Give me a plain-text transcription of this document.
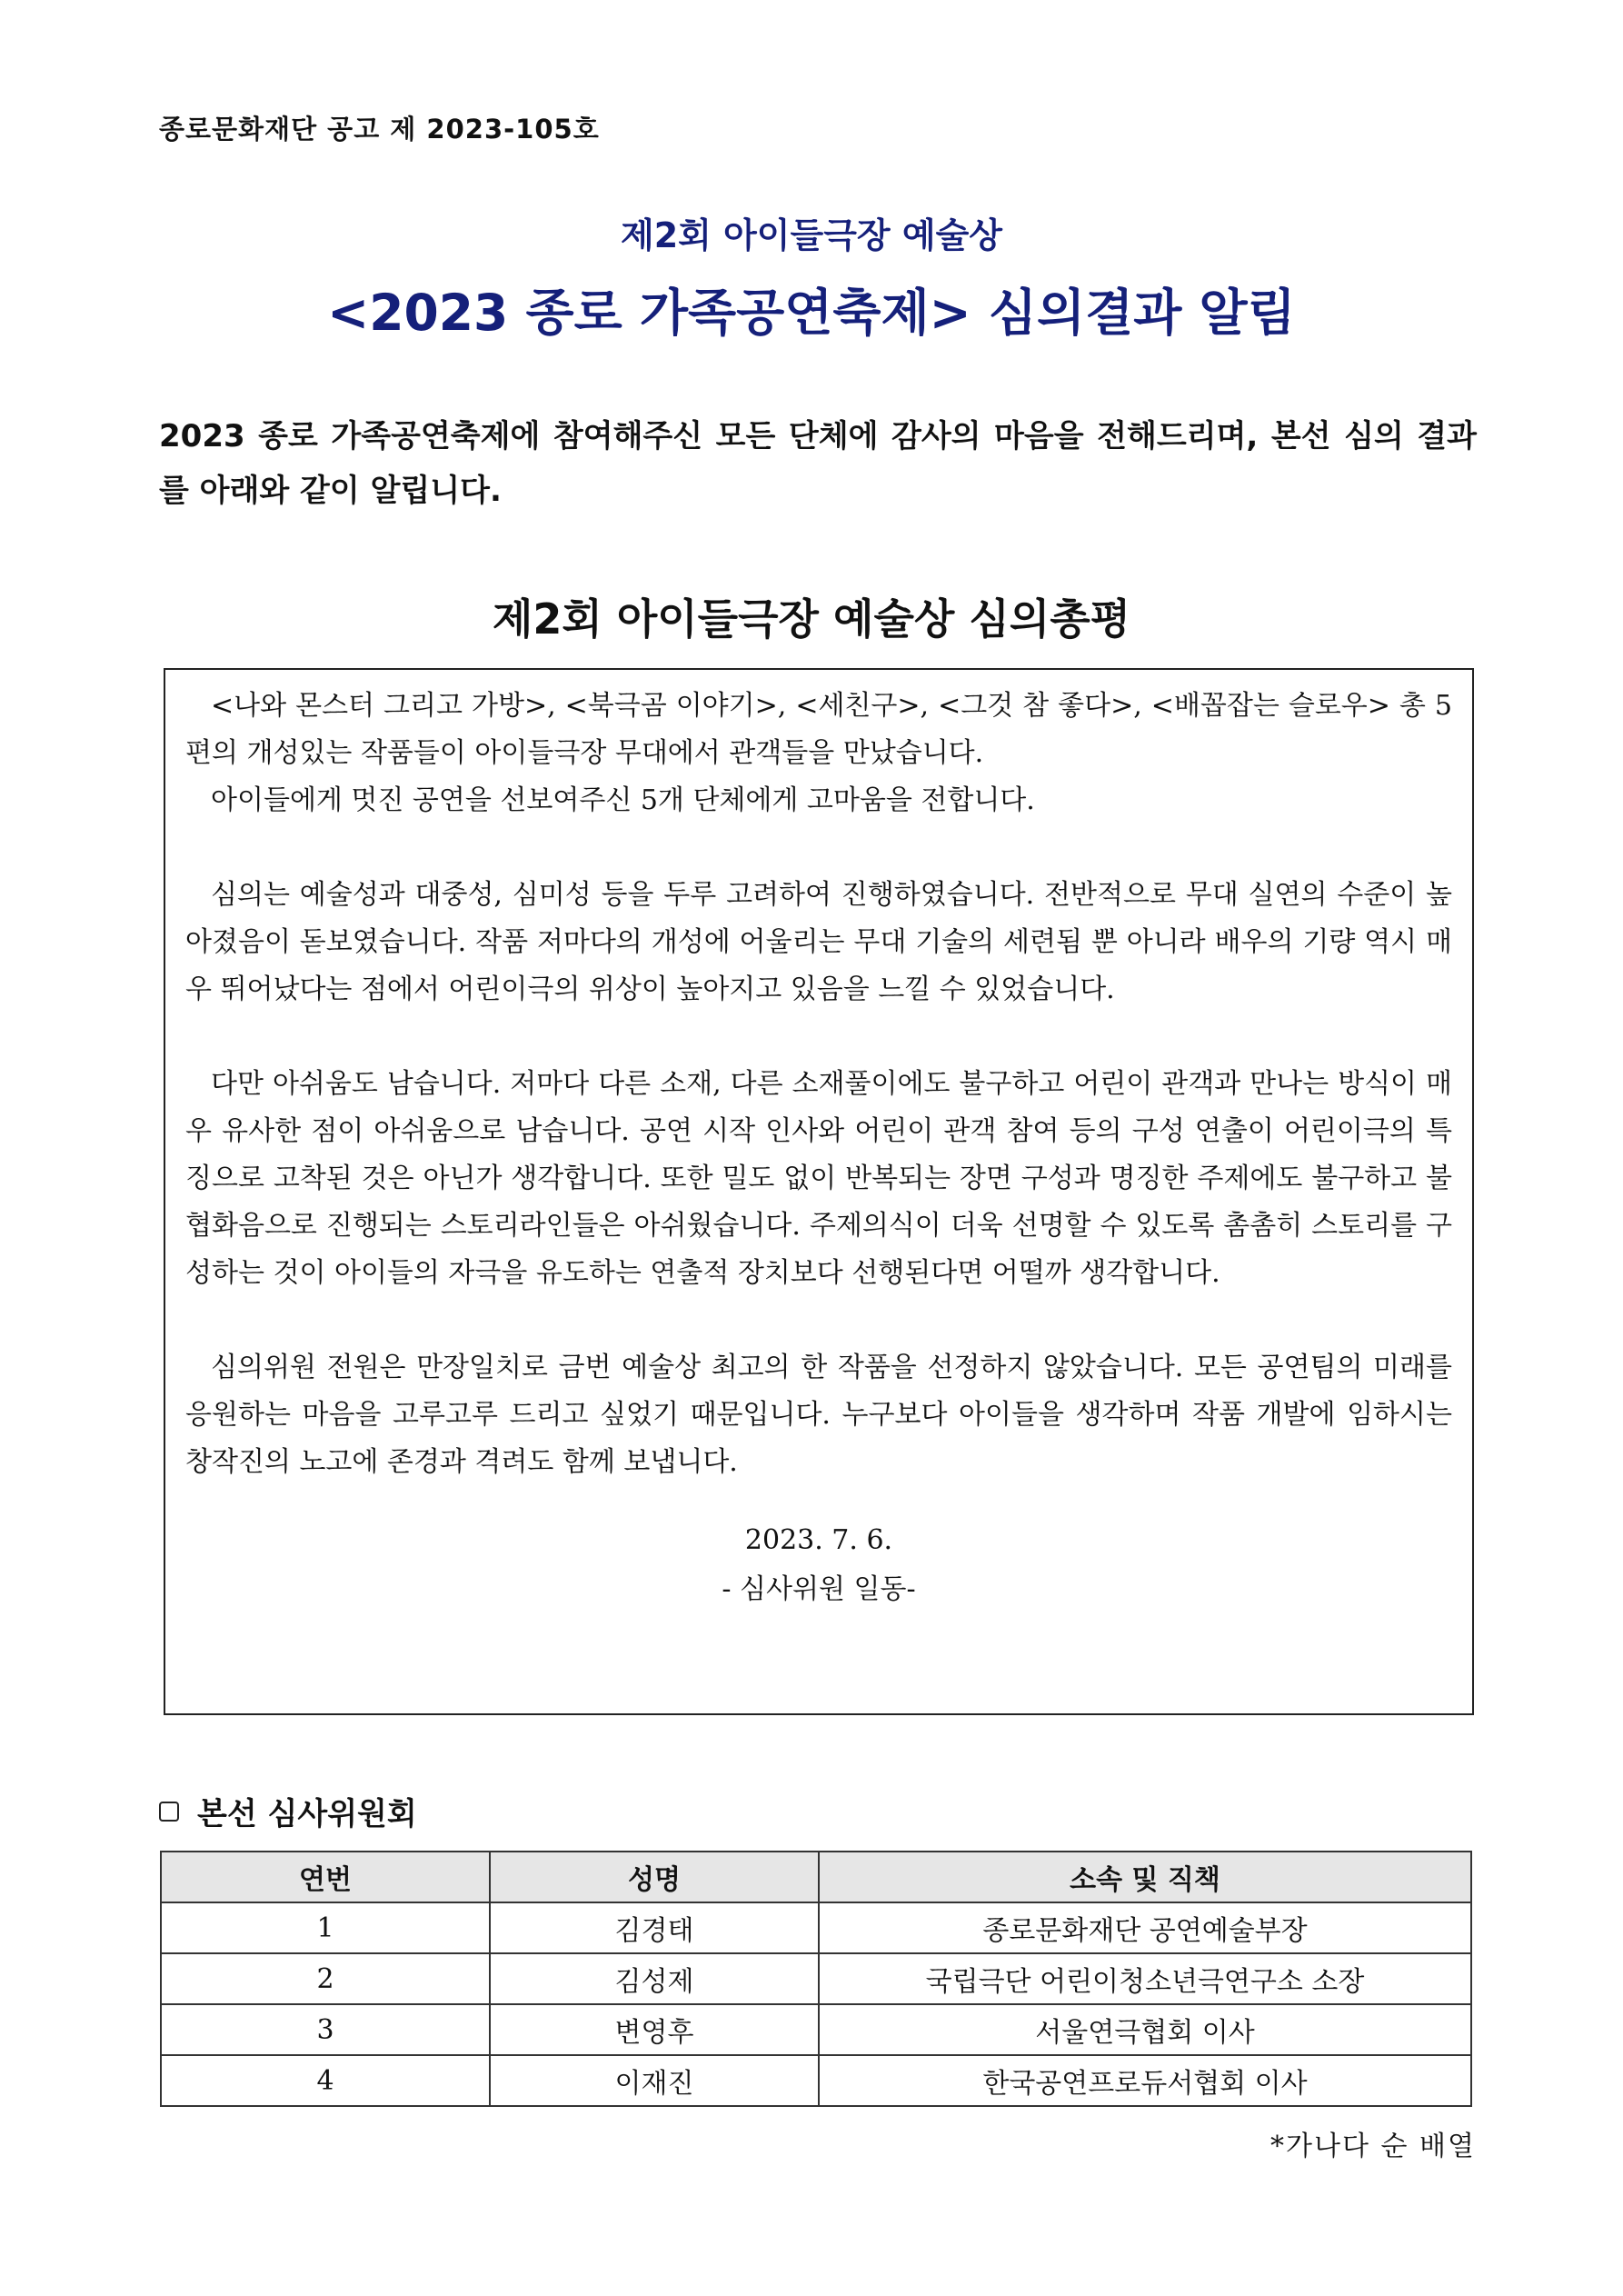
종로문화재단 공고 제 2023-105호
제2회 아이들극장 예술상
<2023 종로 가족공연축제> 심의결과 알림
2023 종로 가족공연축제에 참여해주신 모든 단체에 감사의 마음을 전해드리며, 본선 심의 결과를 아래와 같이 알립니다.
제2회 아이들극장 예술상 심의총평

<나와 몬스터 그리고 가방>, <북극곰 이야기>, <세친구>, <그것 참 좋다>, <배꼽잡는 슬로우> 총 5편의 개성있는 작품들이 아이들극장 무대에서 관객들을 만났습니다.
아이들에게 멋진 공연을 선보여주신 5개 단체에게 고마움을 전합니다.

심의는 예술성과 대중성, 심미성 등을 두루 고려하여 진행하였습니다. 전반적으로 무대 실연의 수준이 높아졌음이 돋보였습니다. 작품 저마다의 개성에 어울리는 무대 기술의 세련됨 뿐 아니라 배우의 기량 역시 매우 뛰어났다는 점에서 어린이극의 위상이 높아지고 있음을 느낄 수 있었습니다.

다만 아쉬움도 남습니다. 저마다 다른 소재, 다른 소재풀이에도 불구하고 어린이 관객과 만나는 방식이 매우 유사한 점이 아쉬움으로 남습니다. 공연 시작 인사와 어린이 관객 참여 등의 구성 연출이 어린이극의 특징으로 고착된 것은 아닌가 생각합니다. 또한 밀도 없이 반복되는 장면 구성과 명징한 주제에도 불구하고 불협화음으로 진행되는 스토리라인들은 아쉬웠습니다. 주제의식이 더욱 선명할 수 있도록 촘촘히 스토리를 구성하는 것이 아이들의 자극을 유도하는 연출적 장치보다 선행된다면 어떨까 생각합니다.

심의위원 전원은 만장일치로 금번 예술상 최고의 한 작품을 선정하지 않았습니다. 모든 공연팀의 미래를 응원하는 마음을 고루고루 드리고 싶었기 때문입니다. 누구보다 아이들을 생각하며 작품 개발에 임하시는 창작진의 노고에 존경과 격려도 함께 보냅니다.

2023. 7. 6.
- 심사위원 일동-
본선 심사위원회
연번	성명	소속 및 직책
1	김경태	종로문화재단 공연예술부장
2	김성제	국립극단 어린이청소년극연구소 소장
3	변영후	서울연극협회 이사
4	이재진	한국공연프로듀서협회 이사
*가나다 순 배열
